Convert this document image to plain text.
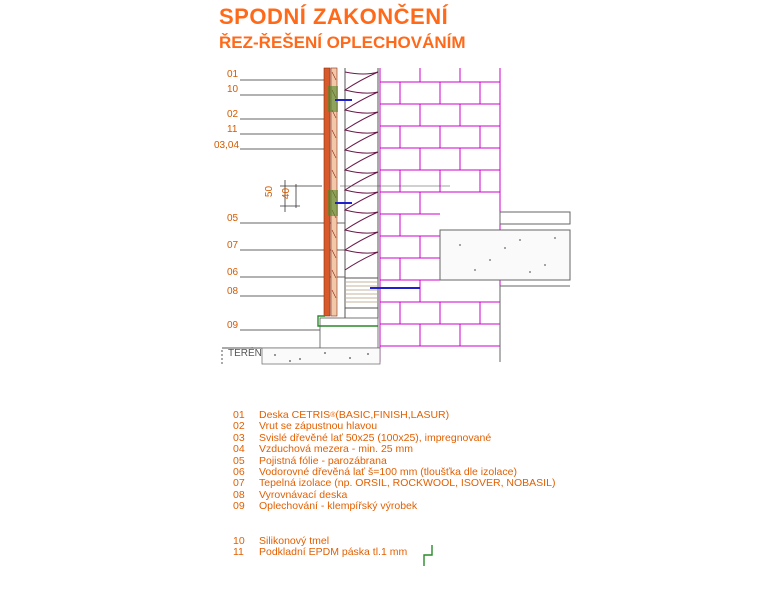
SPODNÍ ZAKONČENÍ
ŘEZ-ŘEŠENÍ OPLECHOVÁNÍM
01
10
02
11
03,04
05
07
06
08
09
50 40
TERÉN
01	Deska CETRIS ® (BASIC,FINISH,LASUR)
02	Vrut se zápustnou hlavou
03	Svislé dřevěné lať 50x25 (100x25), impregnované
04	Vzduchová mezera - min. 25 mm
05	Pojistná fólie - parozábrana
06	Vodorovné dřevěná lať š=100 mm (tloušťka dle izolace)
07	Tepelná izolace (np. ORSIL, ROCKWOOL, ISOVER, NOBASIL)
08	Vyrovnávací deska
09	Oplechování - klempířský výrobek
10	Silikonový tmel
11	Podkladní EPDM páska tl.1 mm
